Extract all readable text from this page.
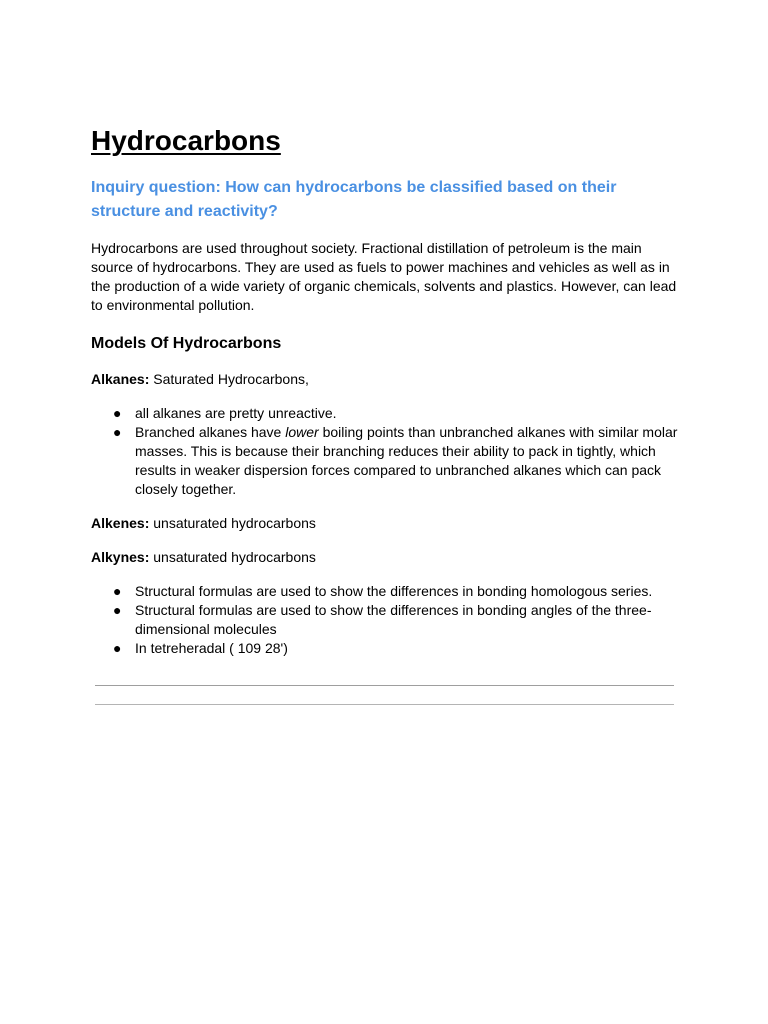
Hydrocarbons

Inquiry question: How can hydrocarbons be classified based on their structure and reactivity?

Hydrocarbons are used throughout society. Fractional distillation of petroleum is the main source of hydrocarbons. They are used as fuels to power machines and vehicles as well as in the production of a wide variety of organic chemicals, solvents and plastics. However, can lead to environmental pollution.

Models Of Hydrocarbons

Alkanes: Saturated Hydrocarbons,

● all alkanes are pretty unreactive.
● Branched alkanes have lower boiling points than unbranched alkanes with similar molar masses. This is because their branching reduces their ability to pack in tightly, which results in weaker dispersion forces compared to unbranched alkanes which can pack closely together.

Alkenes: unsaturated hydrocarbons

Alkynes: unsaturated hydrocarbons

● Structural formulas are used to show the differences in bonding homologous series.
● Structural formulas are used to show the differences in bonding angles of the three-dimensional molecules
● In tetreheradal ( 109 28')
